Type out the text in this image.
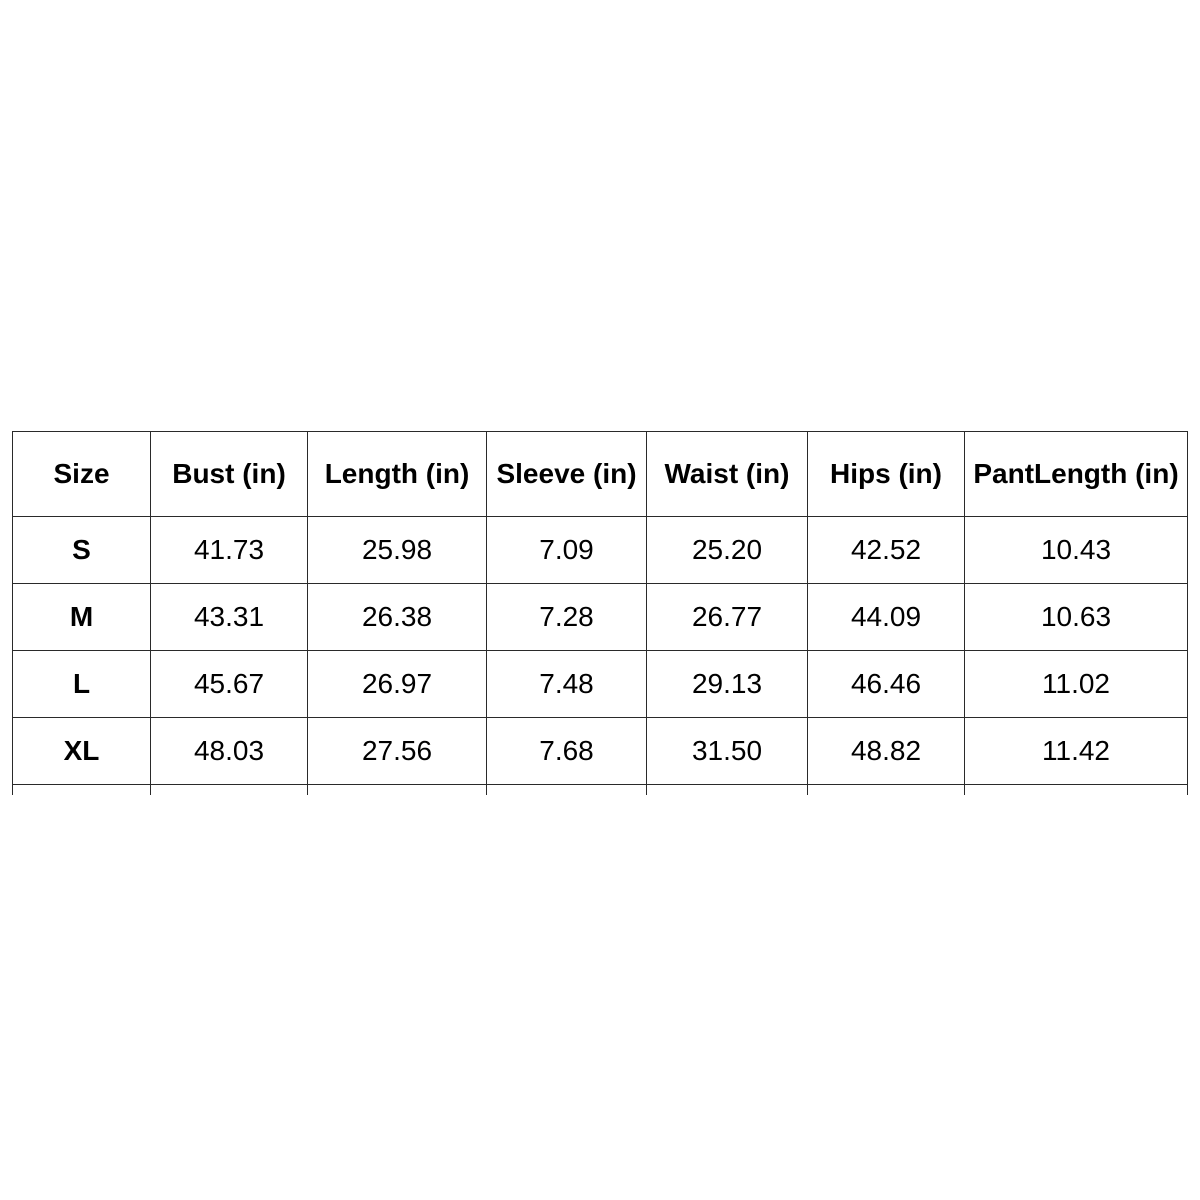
Size	Bust (in)	Length (in)	Sleeve (in)	Waist (in)	Hips (in)	PantLength (in)
S	41.73	25.98	7.09	25.20	42.52	10.43
M	43.31	26.38	7.28	26.77	44.09	10.63
L	45.67	26.97	7.48	29.13	46.46	11.02
XL	48.03	27.56	7.68	31.50	48.82	11.42
